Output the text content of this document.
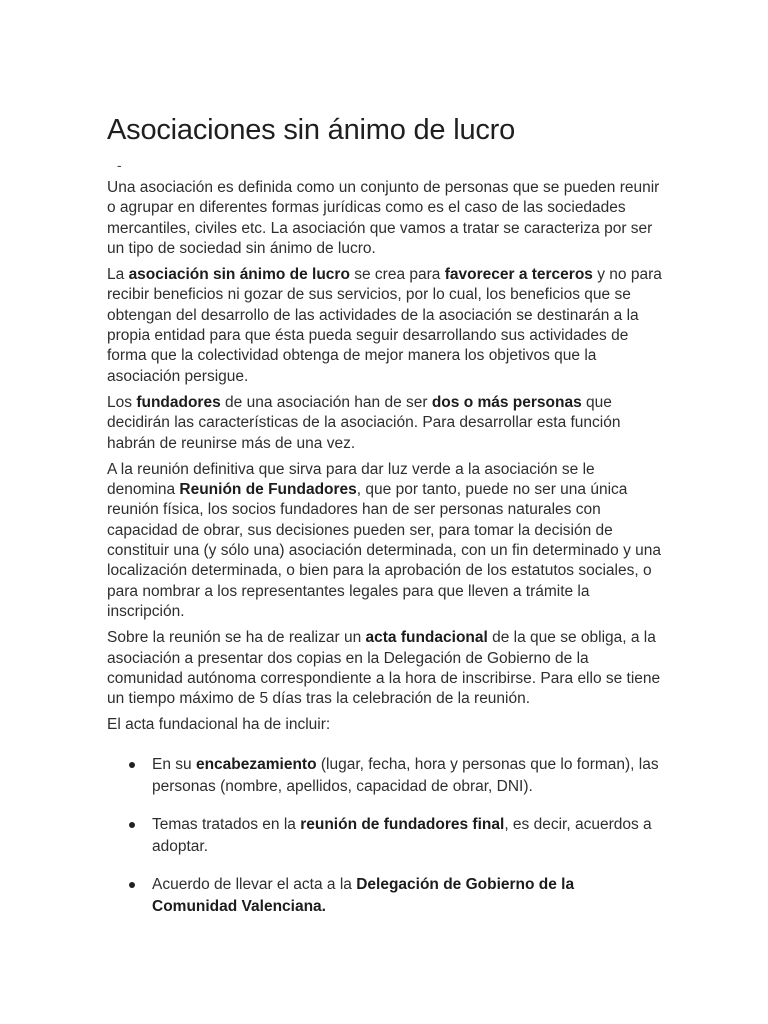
Asociaciones sin ánimo de lucro
-

Una asociación es definida como un conjunto de personas que se pueden reunir o agrupar en diferentes formas jurídicas como es el caso de las sociedades mercantiles, civiles etc. La asociación que vamos a tratar se caracteriza por ser un tipo de sociedad sin ánimo de lucro.

La asociación sin ánimo de lucro se crea para favorecer a terceros y no para recibir beneficios ni gozar de sus servicios, por lo cual, los beneficios que se obtengan del desarrollo de las actividades de la asociación se destinarán a la propia entidad para que ésta pueda seguir desarrollando sus actividades de forma que la colectividad obtenga de mejor manera los objetivos que la asociación persigue.

Los fundadores de una asociación han de ser dos o más personas que decidirán las características de la asociación. Para desarrollar esta función habrán de reunirse más de una vez.

A la reunión definitiva que sirva para dar luz verde a la asociación se le denomina Reunión de Fundadores, que por tanto, puede no ser una única reunión física, los socios fundadores han de ser personas naturales con capacidad de obrar, sus decisiones pueden ser, para tomar la decisión de constituir una (y sólo una) asociación determinada, con un fin determinado y una localización determinada, o bien para la aprobación de los estatutos sociales, o para nombrar a los representantes legales para que lleven a trámite la inscripción.

Sobre la reunión se ha de realizar un acta fundacional de la que se obliga, a la asociación a presentar dos copias en la Delegación de Gobierno de la comunidad autónoma correspondiente a la hora de inscribirse. Para ello se tiene un tiempo máximo de 5 días tras la celebración de la reunión.

El acta fundacional ha de incluir:

En su encabezamiento (lugar, fecha, hora y personas que lo forman), las personas (nombre, apellidos, capacidad de obrar, DNI).
Temas tratados en la reunión de fundadores final, es decir, acuerdos a adoptar.
Acuerdo de llevar el acta a la Delegación de Gobierno de la Comunidad Valenciana.
